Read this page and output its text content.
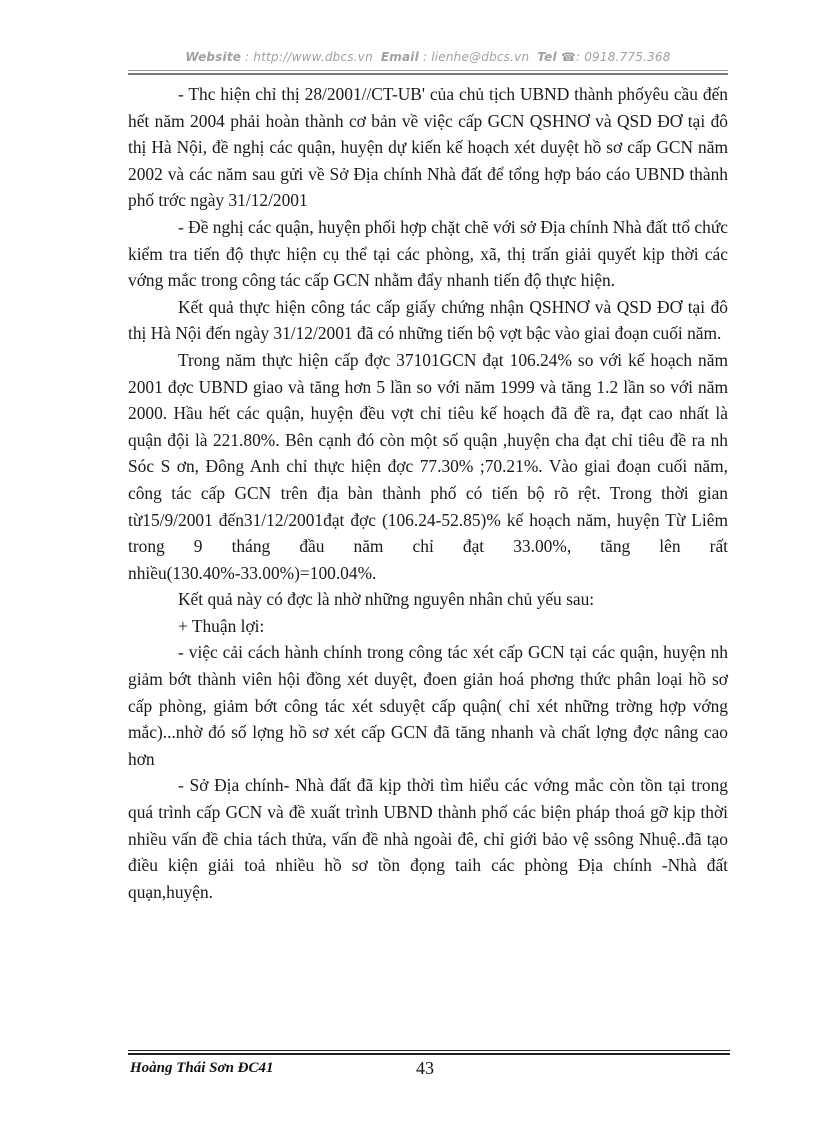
Website : http://www.dbcs.vn Email : lienhe@dbcs.vn Tel ☎: 0918.775.368

- Thc hiện chỉ thị 28/2001//CT-UB' của chủ tịch UBND thành phốyêu cầu đến hết năm 2004 phải hoàn thành cơ bản về việc cấp GCN QSHNƠ và QSD ĐƠ tại đô thị Hà Nội, đề nghị các quận, huyện dự kiến kế hoạch xét duyệt hồ sơ cấp GCN năm 2002 và các năm sau gửi về Sở Địa chính Nhà đất để tổng hợp báo cáo UBND thành phố trớc ngày 31/12/2001

- Đề nghị các quận, huyện phối hợp chặt chẽ với sở Địa chính Nhà đất ttổ chức kiểm tra tiến độ thực hiện cụ thể tại các phòng, xã, thị trấn giải quyết kịp thời các vớng mắc trong công tác cấp GCN nhằm đẩy nhanh tiến độ thực hiện.

Kết quả thực hiện công tác cấp giấy chứng nhận QSHNƠ và QSD ĐƠ tại đô thị Hà Nội đến ngày 31/12/2001 đã có những tiến bộ vợt bậc vào giai đoạn cuối năm.

Trong năm thực hiện cấp đợc 37101GCN đạt 106.24% so với kế hoạch năm 2001 đợc UBND giao và tăng hơn 5 lần so với năm 1999 và tăng 1.2 lần so với năm 2000. Hầu hết các quận, huyện đều vợt chỉ tiêu kế hoạch đã đề ra, đạt cao nhất là quận đội là 221.80%. Bên cạnh đó còn một số quận ,huyện cha đạt chỉ tiêu đề ra nh Sóc S ơn, Đông Anh chỉ thực hiện đợc 77.30% ;70.21%. Vào giai đoạn cuối năm, công tác cấp GCN trên địa bàn thành phố có tiến bộ rõ rệt. Trong thời gian từ15/9/2001 đến31/12/2001đạt đợc (106.24-52.85)% kế hoạch năm, huyện Từ Liêm trong 9 tháng đầu năm chỉ đạt 33.00%, tăng lên rất nhiều(130.40%-33.00%)=100.04%.

Kết quả này có đợc là nhờ những nguyên nhân chủ yếu sau:

+ Thuận lợi:

- việc cải cách hành chính trong công tác xét cấp GCN tại các quận, huyện nh giảm bớt thành viên hội đồng xét duyệt, đoen giản hoá phơng thức phân loại hồ sơ cấp phòng, giảm bớt công tác xét sduyệt cấp quận( chỉ xét những trờng hợp vớng mắc)...nhờ đó số lợng hồ sơ xét cấp GCN đã tăng nhanh và chất lợng đợc nâng cao hơn

- Sở Địa chính- Nhà đất đã kịp thời tìm hiểu các vớng mắc còn tồn tại trong quá trình cấp GCN và đề xuất trình UBND thành phố các biện pháp thoá gỡ kịp thời nhiều vấn đề chia tách thửa, vấn đề nhà ngoài đê, chỉ giới bảo vệ ssông Nhuệ..đã tạo điều kiện giải toả nhiều hồ sơ tồn đọng taih các phòng Địa chính -Nhà đất quạn,huyện.

Hoàng Thái Sơn ĐC41	43
